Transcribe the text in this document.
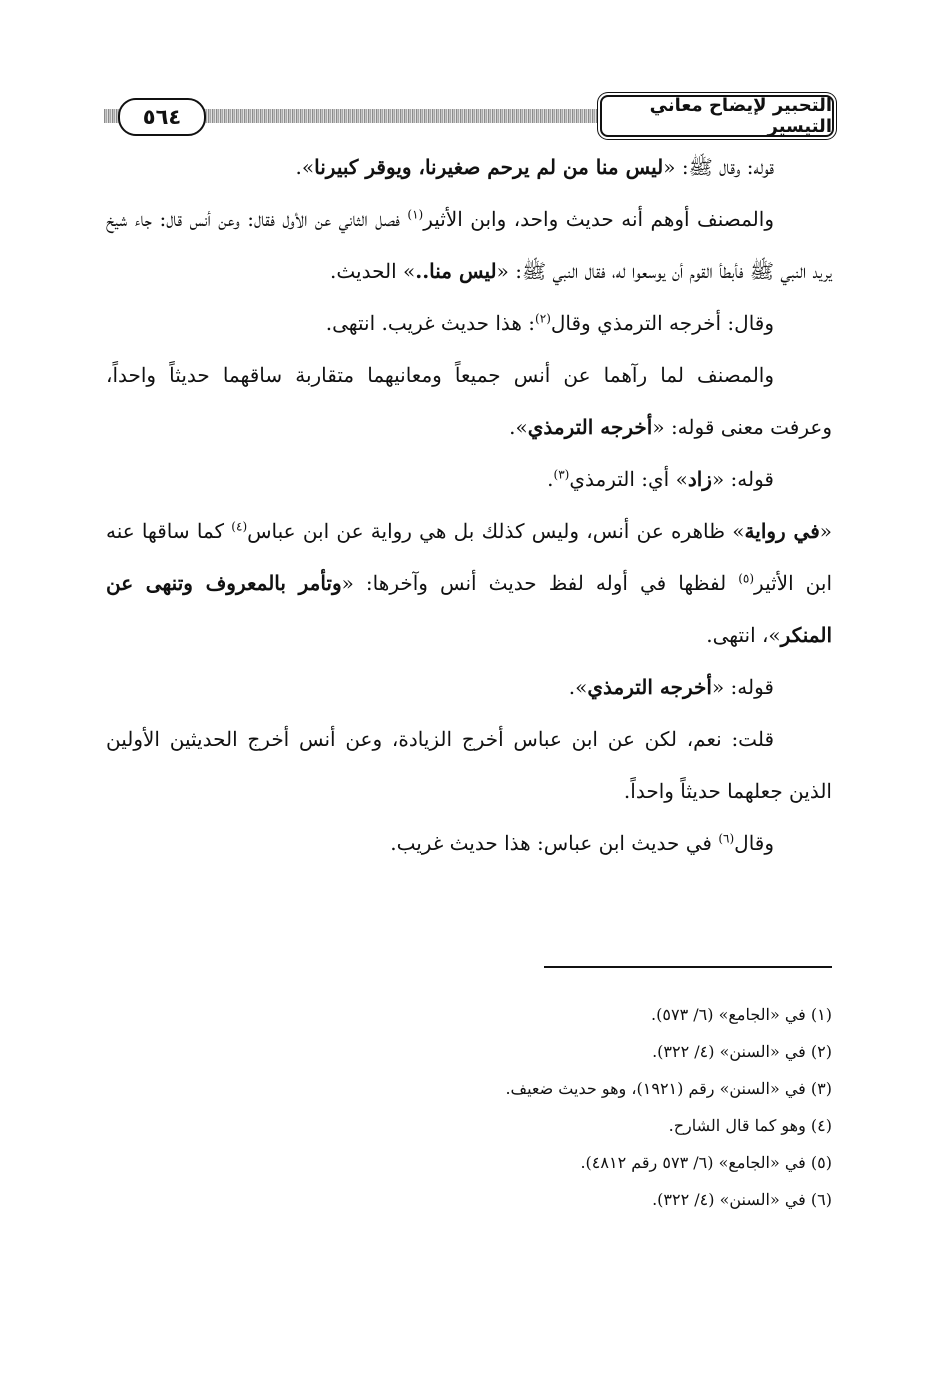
٥٦٤	التحبير لإيضاح معاني التيسير

قوله: وقال ﷺ: «ليس منا من لم يرحم صغيرنا، ويوقر كبيرنا».

والمصنف أوهم أنه حديث واحد، وابن الأثير$^{(١)}$ فصل الثاني عن الأول فقال: وعن أنس قال: جاء شيخ يريد النبي ﷺ فأبطأ القوم أن يوسعوا له، فقال النبي ﷺ: «ليس منا..» الحديث.

وقال: أخرجه الترمذي وقال$^{(٢)}$: هذا حديث غريب. انتهى.

والمصنف لما رآهما عن أنس جميعاً ومعانيهما متقاربة ساقهما حديثاً واحداً، وعرفت معنى قوله: «أخرجه الترمذي».

قوله: «زاد» أي: الترمذي$^{(٣)}$.

«في رواية» ظاهره عن أنس، وليس كذلك بل هي رواية عن ابن عباس$^{(٤)}$ كما ساقها عنه ابن الأثير$^{(٥)}$ لفظها في أوله لفظ حديث أنس وآخرها: «وتأمر بالمعروف وتنهى عن المنكر»، انتهى.

قوله: «أخرجه الترمذي».

قلت: نعم، لكن عن ابن عباس أخرج الزيادة، وعن أنس أخرج الحديثين الأولين الذين جعلهما حديثاً واحداً.

وقال$^{(٦)}$ في حديث ابن عباس: هذا حديث غريب.

(١) في «الجامع» (٦/ ٥٧٣).

(٢) في «السنن» (٤/ ٣٢٢).

(٣) في «السنن» رقم (١٩٢١)، وهو حديث ضعيف.

(٤) وهو كما قال الشارح.

(٥) في «الجامع» (٦/ ٥٧٣ رقم ٤٨١٢).

(٦) في «السنن» (٤/ ٣٢٢).
